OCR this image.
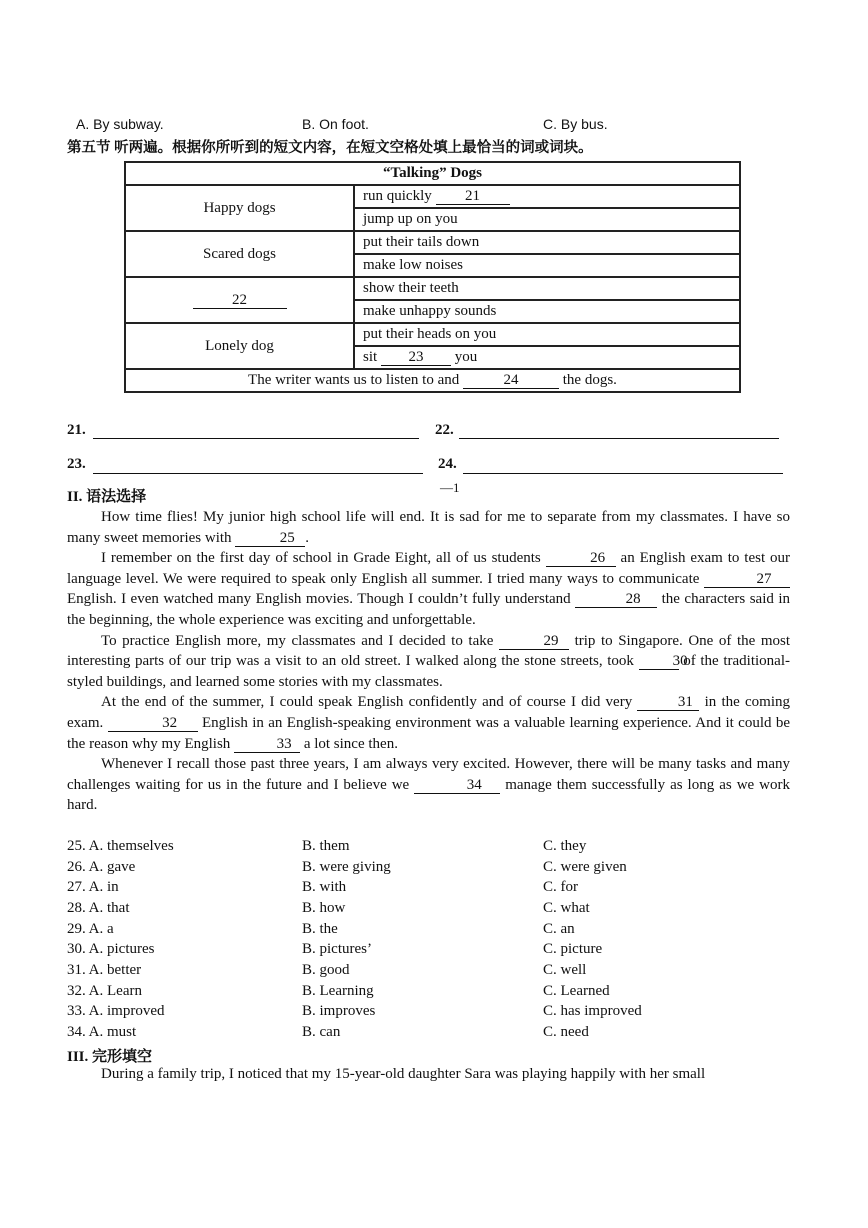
A. By subway.	B. On foot.	C. By bus.
第五节 听两遍。根据你所听到的短文内容，在短文空格处填上最恰当的词或词块。
“Talking” Dogs	
Happy dogs	run quickly 21
	jump up on you
Scared dogs	put their tails down
	make low noises
22	show their teeth
	make unhappy sounds
Lonely dog	put their heads on you
	sit 23 you
The writer wants us to listen to and 24 the dogs.	
21.	22.
23.	24.
—1
II. 语法选择

How time flies! My junior high school life will end. It is sad for me to separate from my classmates. I have so many sweet memories with	25 .

I remember on the first day of school in Grade Eight, all of us students	26 an English exam to test our language level. We were required to speak only English all summer. I tried many ways to communicate	27 English. I even watched many English movies. Though I couldn’t fully understand	28 the characters said in the beginning, the whole experience was exciting and unforgettable.

To practice English more, my classmates and I decided to take	29 trip to Singapore. One of the most interesting parts of our trip was a visit to an old street. I walked along the stone streets, took	30 of the traditional-styled buildings, and learned some stories with my classmates.

At the end of the summer, I could speak English confidently and of course I did very	31 in the coming exam.	32 English in an English-speaking environment was a valuable learning experience. And it could be the reason why my English	33 a lot since then.

Whenever I recall those past three years, I am always very excited. However, there will be many tasks and many challenges waiting for us in the future and I believe we	34 manage them successfully as long as we work hard.

25. A. themselves	B. them	C. they
26. A. gave	B. were giving	C. were given
27. A. in	B. with	C. for
28. A. that	B. how	C. what
29. A. a	B. the	C. an
30. A. pictures	B. pictures’	C. picture
31. A. better	B. good	C. well
32. A. Learn	B. Learning	C. Learned
33. A. improved	B. improves	C. has improved
34. A. must	B. can	C. need
III. 完形填空
During a family trip, I noticed that my 15-year-old daughter Sara was playing happily with her small
